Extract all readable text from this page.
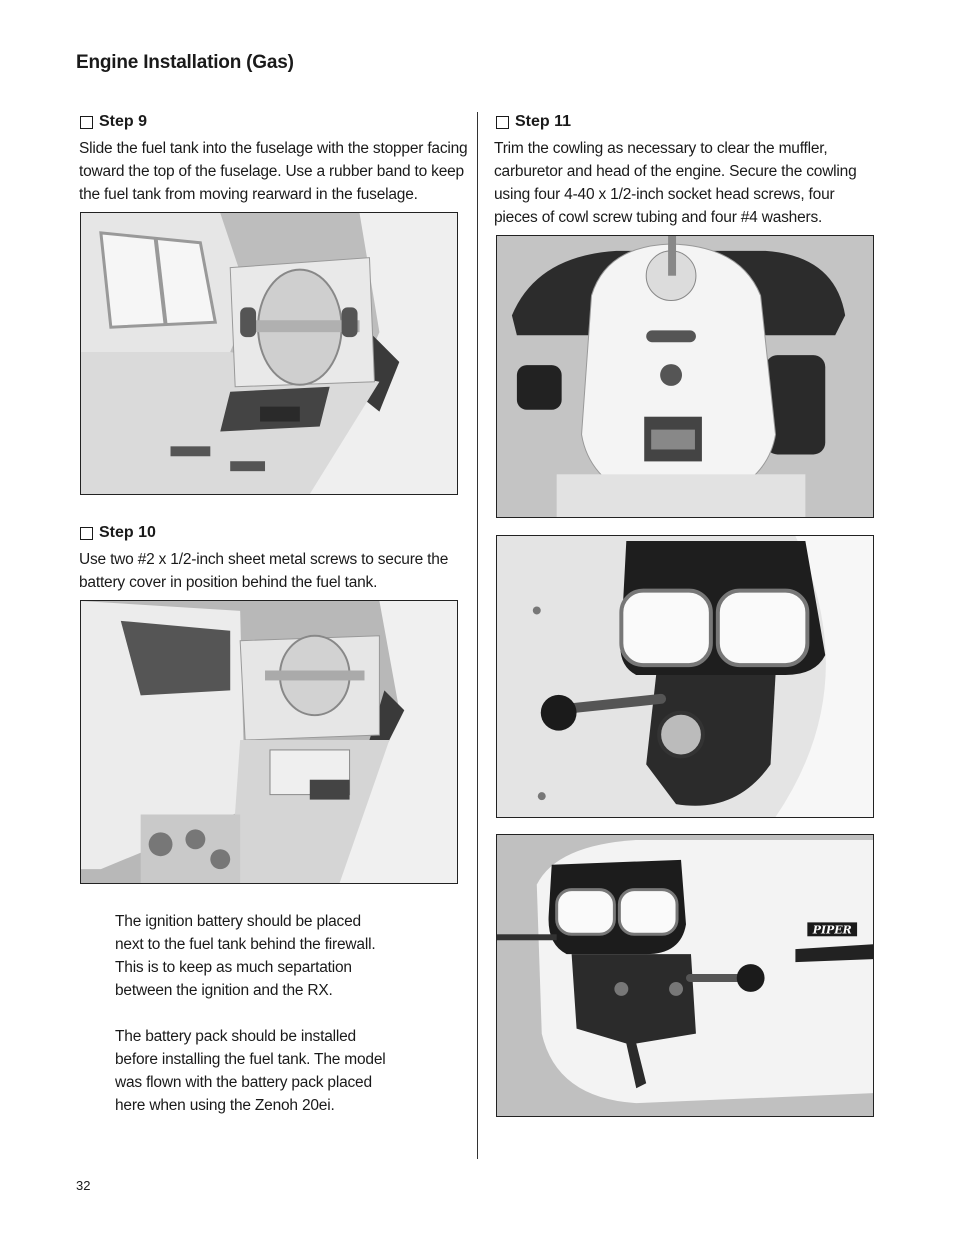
Engine Installation (Gas)
Step 9
Slide the fuel tank into the fuselage with the stopper facing
toward the top of the fuselage. Use a rubber band to keep
the fuel tank from moving rearward in the fuselage.
Step 10
Use two #2 x 1/2-inch sheet metal screws to secure the
battery cover in position behind the fuel tank.
The ignition battery should be placed
next to the fuel tank behind the firewall.
This is to keep as much separtation
between the ignition and the RX.
The battery pack should be installed
before installing the fuel tank. The model
was flown with the battery pack placed
here when using the Zenoh 20ei.
Step 11
Trim the cowling as necessary to clear the muffler,
carburetor and head of the engine. Secure the cowling
using four 4-40 x 1/2-inch socket head screws, four
pieces of cowl screw tubing and four #4 washers.
PIPER
32
